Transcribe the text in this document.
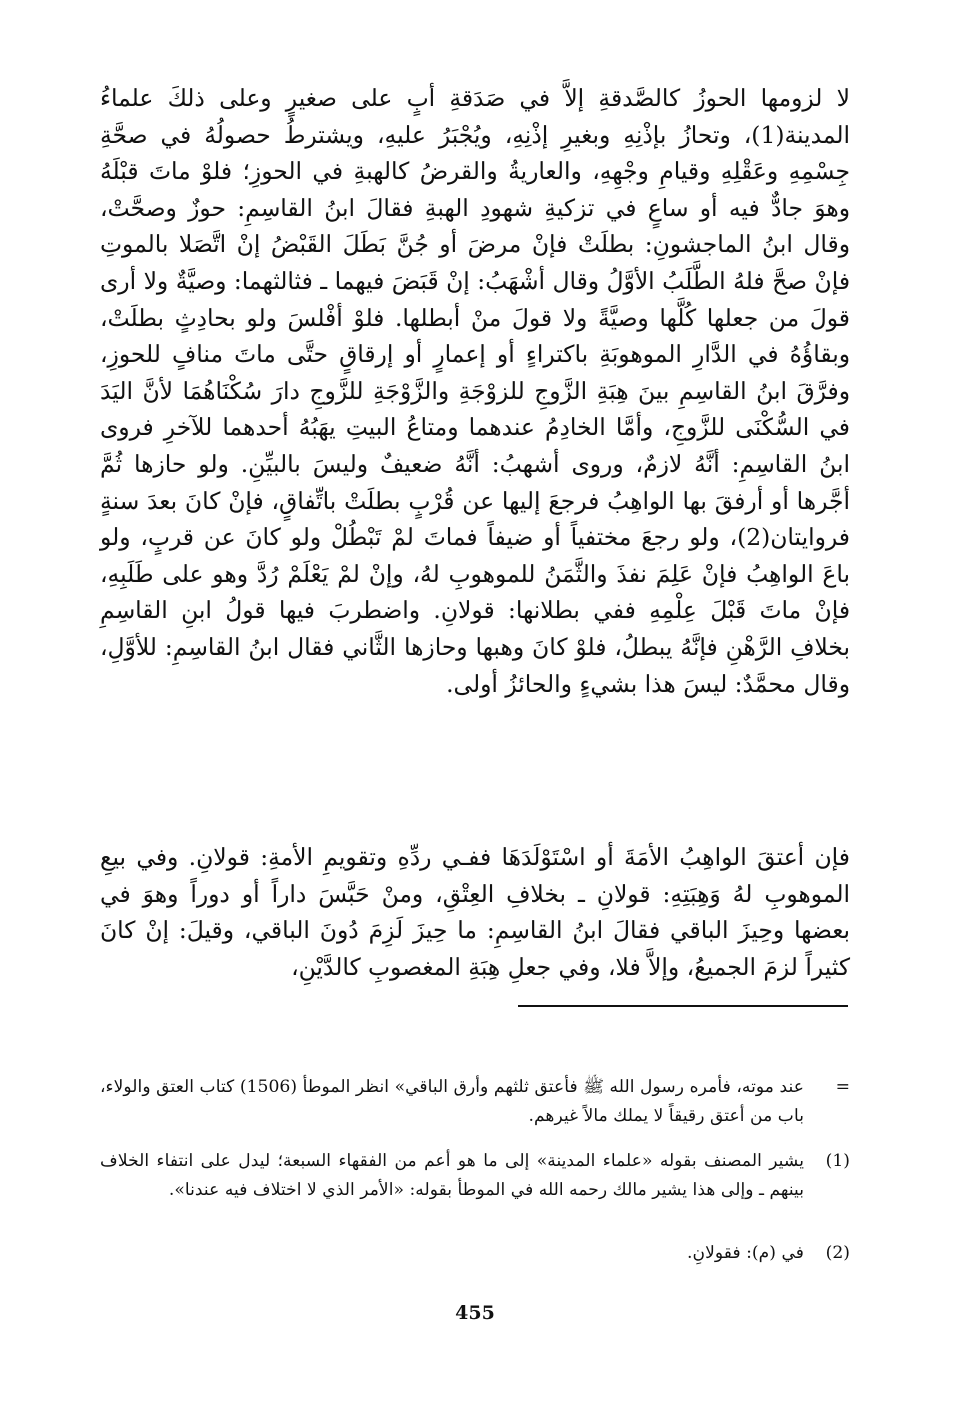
لا لزومها الحوزُ كالصَّدقةِ إلاَّ في صَدَقةِ أبٍ على صغيرٍ وعلى ذلكَ علماءُ المدينة(1)، وتحازُ بإذْنِهِ وبغيرِ إذْنِهِ، ويُجْبَرُ عليهِ، ويشترطُ حصولُهُ في صحَّةِ جِسْمِهِ وعَقْلِهِ وقيامِ وجْهِهِ، والعاريةُ والقرضُ كالهبةِ في الحوزِ؛ فلوْ ماتَ قبْلَهُ وهوَ جادٌّ فيه أو ساعٍ في تزكيةِ شهودِ الهبةِ فقالَ ابنُ القاسِمِ: حوزٌ وصحَّتْ، وقال ابنُ الماجشونِ: بطلَتْ فإنْ مرضَ أو جُنَّ بَطَلَ القَبْضُ إنْ اتَّصَلا بالموتِ فإنْ صحَّ فلهُ الطَّلَبُ الأوَّلُ وقال أشْهَبُ: إنْ قَبَضَ فيهما ـ فثالثهما: وصيَّةٌ ولا أرى قولَ من جعلها كُلَّها وصيَّةً ولا قولَ منْ أبطلها. فلوْ أفْلسَ ولو بحادِثٍ بطلَتْ، وبقاؤُهُ في الدَّارِ الموهوبَةِ باكتراءٍ أو إعمارٍ أو إرقاقٍ حتَّى ماتَ منافٍ للحوزِ، وفرَّقَ ابنُ القاسِمِ بينَ هِبَةِ الزَّوجِ للزوْجَةِ والزَّوْجَةِ للزَّوجِ دارَ سُكْنَاهُمَا لأنَّ اليَدَ في السُّكْنَى للزَّوجِ، وأمَّا الخادِمُ عندهما ومتاعُ البيتِ يهَبُهُ أحدهما للآخرِ فروى ابنُ القاسِمِ: أنَّهُ لازمٌ، وروى أشهبُ: أنَّهُ ضعيفٌ وليسَ بالبيِّنِ. ولو حازها ثُمَّ أجَّرها أو أرفقَ بها الواهِبُ فرجعَ إليها عن قُرْبٍ بطلَتْ باتِّفاقٍ، فإنْ كانَ بعدَ سنةٍ فروايتان(2)، ولو رجعَ مختفياً أو ضيفاً فماتَ لمْ تَبْطُلْ ولو كانَ عن قربٍ، ولو باعَ الواهِبُ فإنْ عَلِمَ نفذَ والثَّمَنُ للموهوبِ لهُ، وإنْ لمْ يَعْلَمْ رُدَّ وهو على طَلَبِهِ، فإنْ ماتَ قَبْلَ عِلْمِهِ ففي بطلانها: قولانِ. واضطربَ فيها قولُ ابنِ القاسِمِ بخلافِ الرَّهْنِ فإنَّهُ يبطلُ، فلوْ كانَ وهبها وحازها الثَّاني فقال ابنُ القاسِمِ: للأوَّلِ، وقال محمَّدٌ: ليسَ هذا بشيءٍ والحائزُ أولى.

فإن أعتقَ الواهِبُ الأمَةَ أو اسْتَوْلَدَهَا ففـي ردِّهِ وتقويمِ الأمةِ: قولانِ. وفي بيعِ الموهوبِ لهُ وَهِبَتِهِ: قولانِ ـ بخلافِ العِتْقِ، ومنْ حَبَّسَ داراً أو دوراً وهوَ في بعضها وحِيزَ الباقي فقالَ ابنُ القاسِمِ: ما حِيزَ لَزِمَ دُونَ الباقي، وقيلَ: إنْ كانَ كثيراً لزمَ الجميعُ، وإلاَّ فلا، وفي جعلِ هِبَةِ المغصوبِ كالدَّيْنِ،

=
عند موته، فأمره رسول الله ﷺ فأعتق ثلثهم وأرق الباقي» انظر الموطأ (1506) كتاب العتق والولاء، باب من أعتق رقيقاً لا يملك مالاً غيرهم.
(1)
يشير المصنف بقوله «علماء المدينة» إلى ما هو أعم من الفقهاء السبعة؛ ليدل على انتفاء الخلاف بينهم ـ وإلى هذا يشير مالك رحمه الله في الموطأ بقوله: «الأمر الذي لا اختلاف فيه عندنا».
(2)
في (م): فقولانِ.
455
